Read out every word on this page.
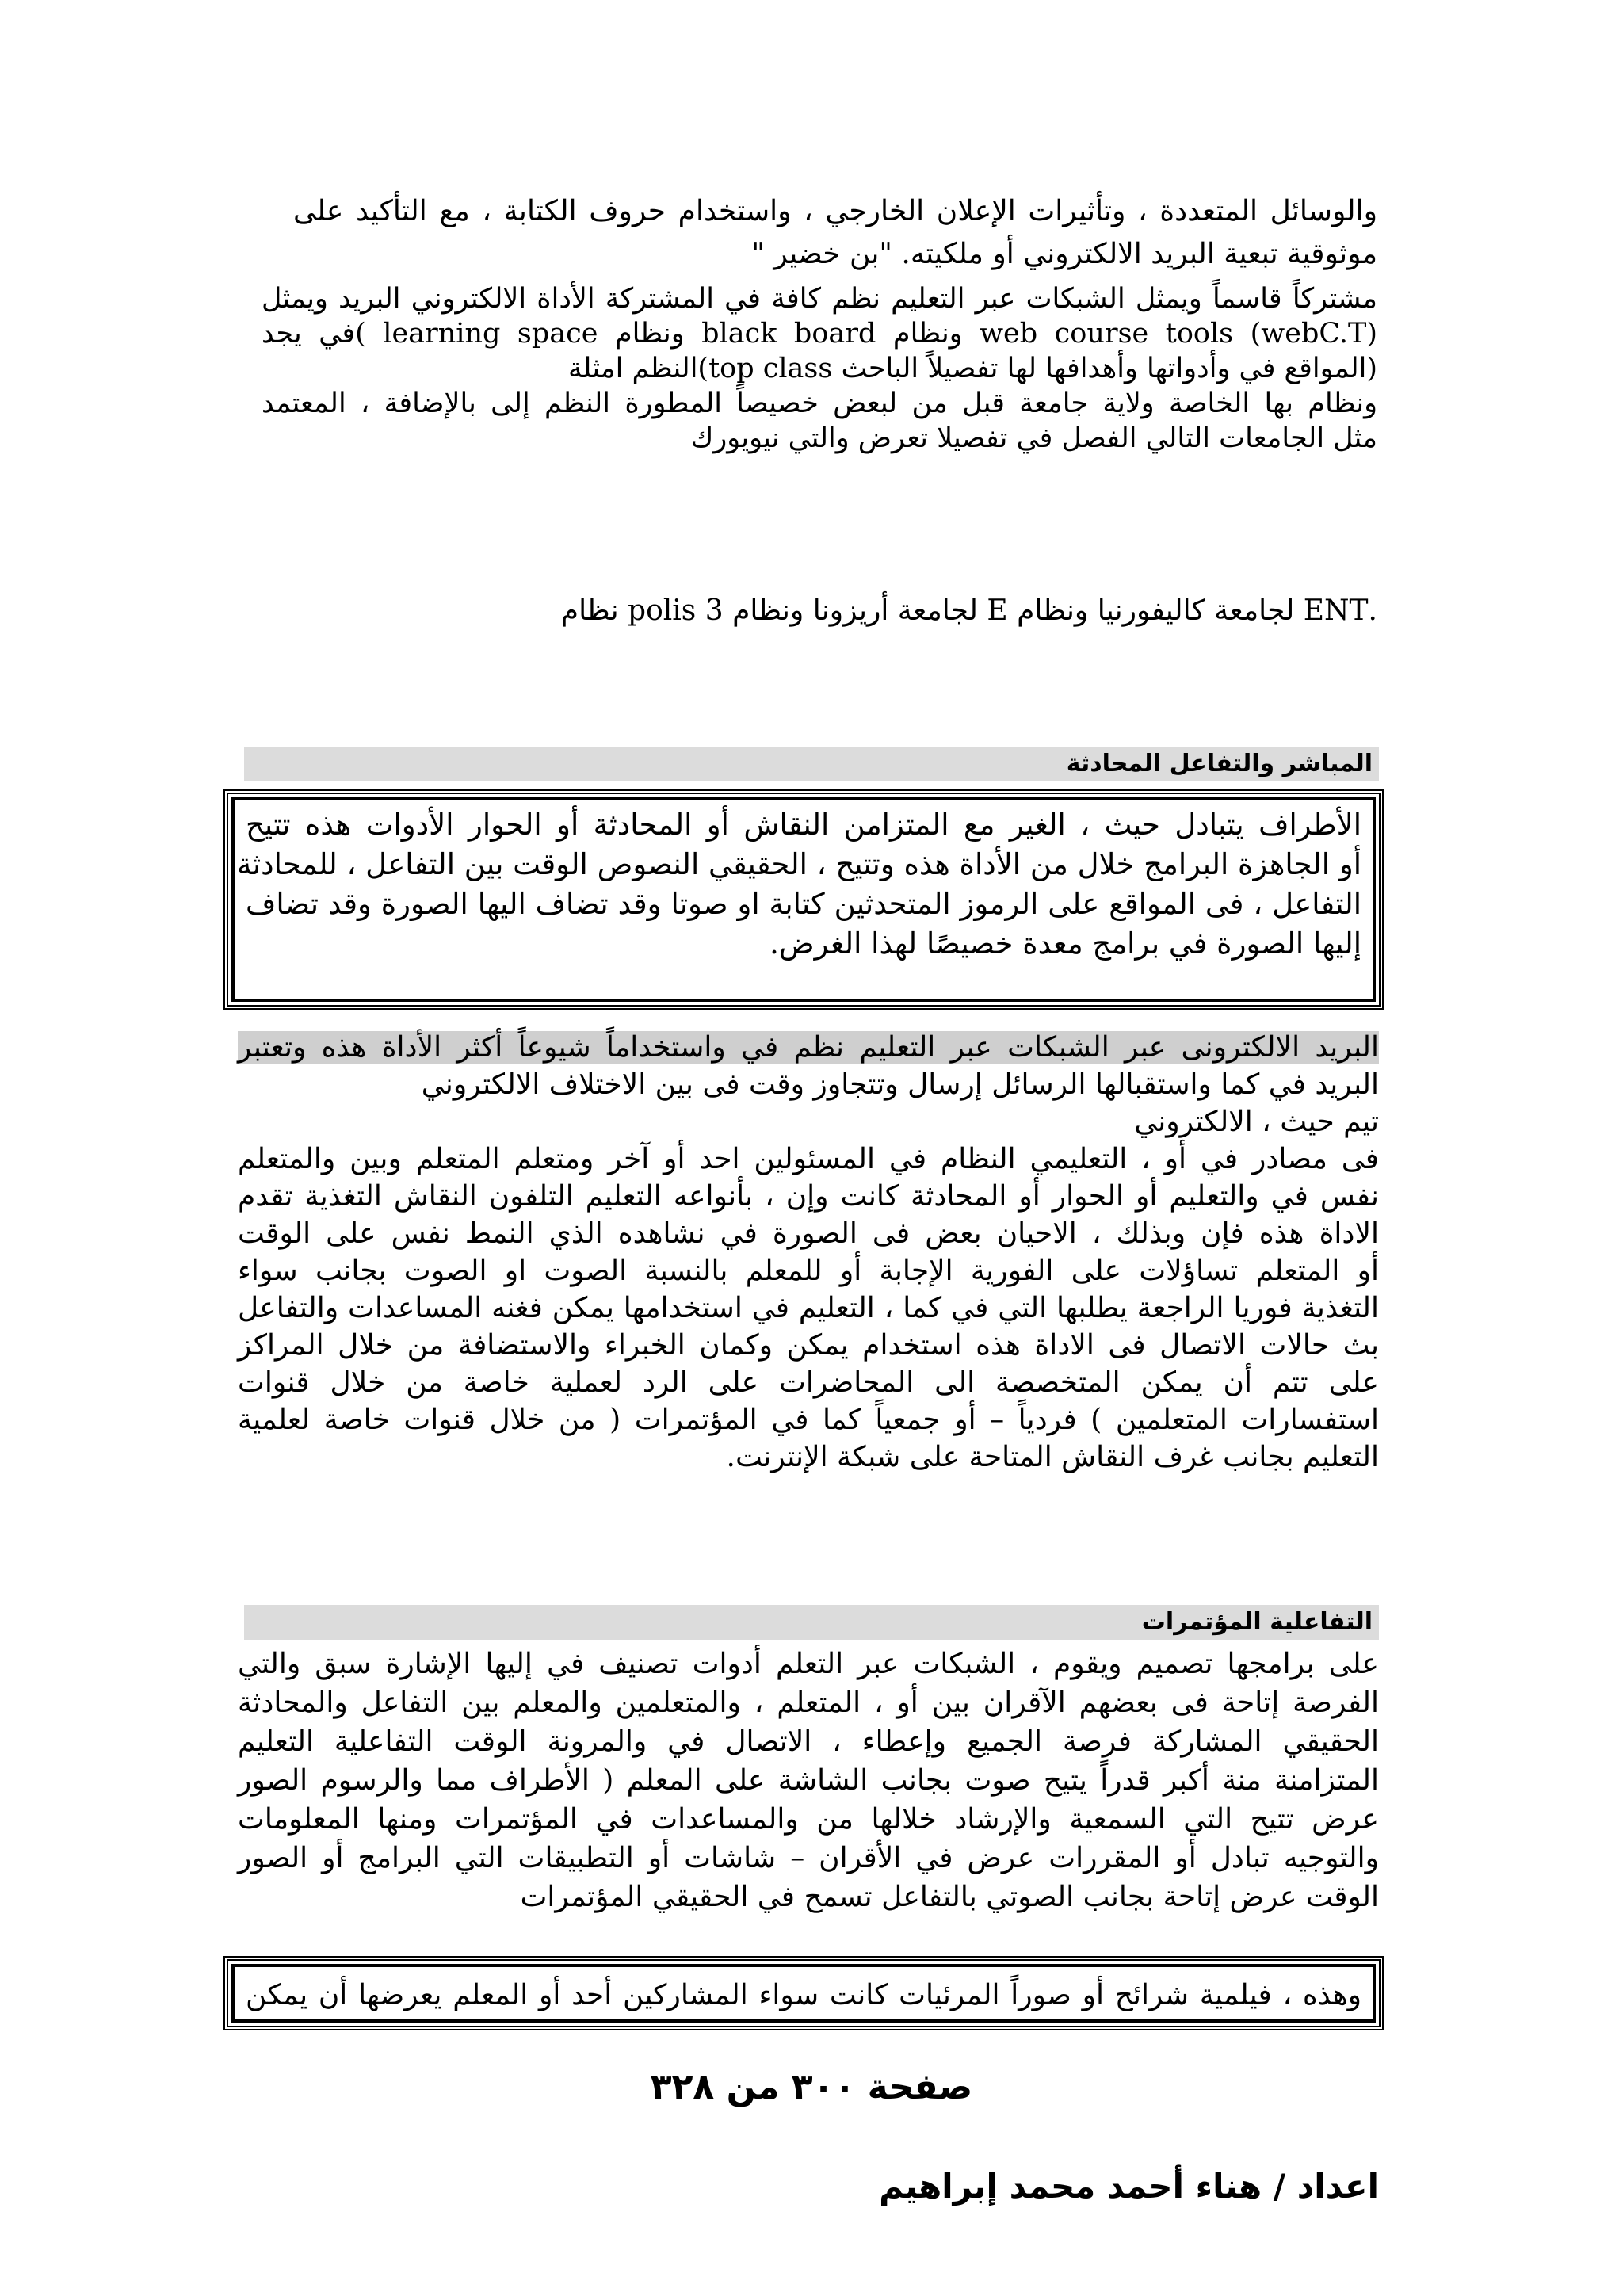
والوسائل المتعددة ، وتأثيرات الإعلان الخارجي ، واستخدام حروف الكتابة ، مع التأكيد على
موثوقية تبعية البريد الالكتروني أو ملكيته. "بن خضير "
مشتركاً قاسماً ويمثل الشبكات عبر التعليم نظم كافة في المشتركة الأداة الالكتروني البريد ويمثل
(webC.T) web course tools ونظام black board ونظام learning space )في يجد
(المواقع في وأدواتها وأهدافها لها تفصيلاً الباحث top class)النظم امثلة
ونظام بها الخاصة ولاية جامعة قبل من لبعض خصيصاً المطورة النظم إلى بالإضافة ، المعتمد
مثل الجامعات التالي الفصل في تفصيلا تعرض والتي نيويورك
.ENT لجامعة كاليفورنيا ونظام E لجامعة أريزونا ونظام 3 polis نظام
المباشر والتفاعل المحادثة
الأطراف يتبادل حيث ، الغير مع المتزامن النقاش أو المحادثة أو الحوار الأدوات هذه تتيح
أو الجاهزة البرامج خلال من الأداة هذه وتتيح ، الحقيقي النصوص الوقت بين التفاعل ، للمحادثة
التفاعل ، فى المواقع على الرموز المتحدثين كتابة او صوتا وقد تضاف اليها الصورة وقد تضاف
إليها الصورة في برامج معدة خصيصًا لهذا الغرض.
البريد الالكترونى عبر الشبكات عبر التعليم نظم في واستخداماً شيوعاً أكثر الأداة هذه وتعتبر
البريد في كما واستقبالها الرسائل إرسال وتتجاوز وقت فى بين الاختلاف الالكتروني
تيم حيث ، الالكتروني
فى مصادر في أو ، التعليمي النظام في المسئولين احد أو آخر ومتعلم المتعلم وبين والمتعلم
نفس في والتعليم أو الحوار أو المحادثة كانت وإن ، بأنواعه التعليم التلفون النقاش التغذية تقدم
الاداة هذه فإن وبذلك ، الاحيان بعض فى الصورة في نشاهده الذي النمط نفس على الوقت
أو المتعلم تساؤلات على الفورية الإجابة أو للمعلم بالنسبة الصوت او الصوت بجانب سواء
التغذية فوريا الراجعة يطلبها التي في كما ، التعليم في استخدامها يمكن فغنه المساعدات والتفاعل
بث حالات الاتصال فى الاداة هذه استخدام يمكن وكمان الخبراء والاستضافة من خلال المراكز
على تتم أن يمكن المتخصصة الى المحاضرات على الرد لعملية خاصة من خلال قنوات
استفسارات المتعلمين ) فردياً – أو جمعياً كما في المؤتمرات ( من خلال قنوات خاصة لعلمية
التعليم بجانب غرف النقاش المتاحة على شبكة الإنترنت.
التفاعلية المؤتمرات
على برامجها تصميم ويقوم ، الشبكات عبر التعلم أدوات تصنيف في إليها الإشارة سبق والتي
الفرصة إتاحة فى بعضهم الآقران بين أو ، المتعلم ، والمتعلمين والمعلم بين التفاعل والمحادثة
الحقيقي المشاركة فرصة الجميع وإعطاء ، الاتصال في والمرونة الوقت التفاعلية التعليم
المتزامنة منة أكبر قدراً يتيح صوت بجانب الشاشة على المعلم ( الأطراف مما والرسوم الصور
عرض تتيح التي السمعية والإرشاد خلالها من والمساعدات في المؤتمرات ومنها المعلومات
والتوجيه تبادل أو المقررات عرض في الأقران – شاشات أو التطبيقات التي البرامج أو الصور
الوقت عرض إتاحة بجانب الصوتي بالتفاعل تسمح في الحقيقي المؤتمرات
وهذه ، فيلمية شرائح أو صوراً المرئيات كانت سواء المشاركين أحد أو المعلم يعرضها أن يمكن
صفحة ٣٠٠ من ٣٢٨
اعداد / هناء أحمد محمد إبراهيم
